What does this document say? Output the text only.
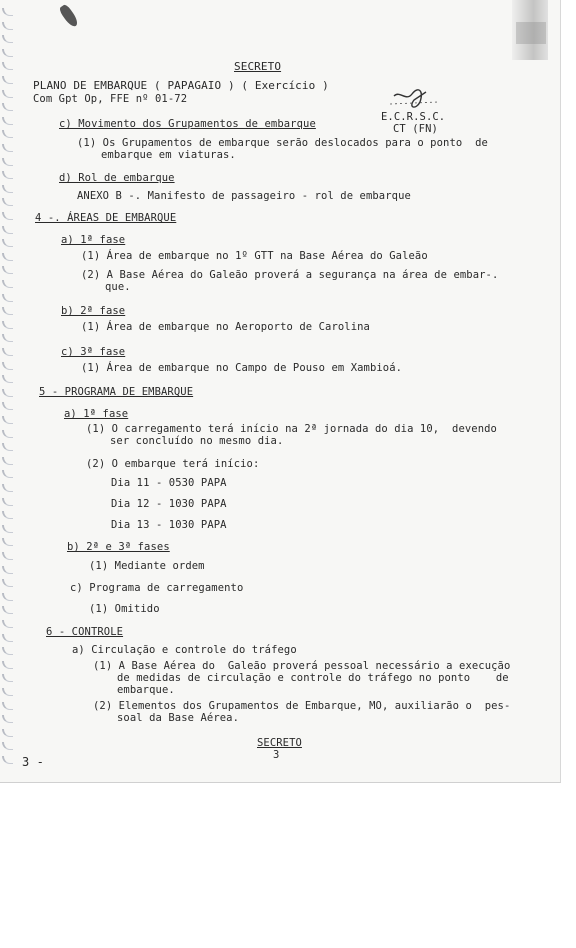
SECRETO
PLANO DE EMBARQUE ( PAPAGAIO ) ( Exercício )
Com Gpt Op, FFE nº 01-72
E.C.R.S.C.
CT (FN)
c) Movimento dos Grupamentos de embarque
(1) Os Grupamentos de embarque serão deslocados para o ponto  de
embarque em viaturas.
d) Rol de embarque
ANEXO B -. Manifesto de passageiro - rol de embarque
4 -. ÁREAS DE EMBARQUE
a) 1ª fase
(1) Área de embarque no 1º GTT na Base Aérea do Galeão
(2) A Base Aérea do Galeão proverá a segurança na área de embar-.
que.
b) 2ª fase
(1) Área de embarque no Aeroporto de Carolina
c) 3ª fase
(1) Área de embarque no Campo de Pouso em Xambioá.
5 - PROGRAMA DE EMBARQUE
a) 1ª fase
(1) O carregamento terá início na 2ª jornada do dia 10,  devendo
ser concluído no mesmo dia.
(2) O embarque terá início:
Dia 11 - 0530 PAPA
Dia 12 - 1030 PAPA
Dia 13 - 1030 PAPA
b) 2ª e 3ª fases
(1) Mediante ordem
c) Programa de carregamento
(1) Omitido
6 - CONTROLE
a) Circulação e controle do tráfego
(1) A Base Aérea do  Galeão proverá pessoal necessário a execução
de medidas de circulação e controle do tráfego no ponto    de
embarque.
(2) Elementos dos Grupamentos de Embarque, MO, auxiliarão o  pes-
soal da Base Aérea.
SECRETO
3
3 -
